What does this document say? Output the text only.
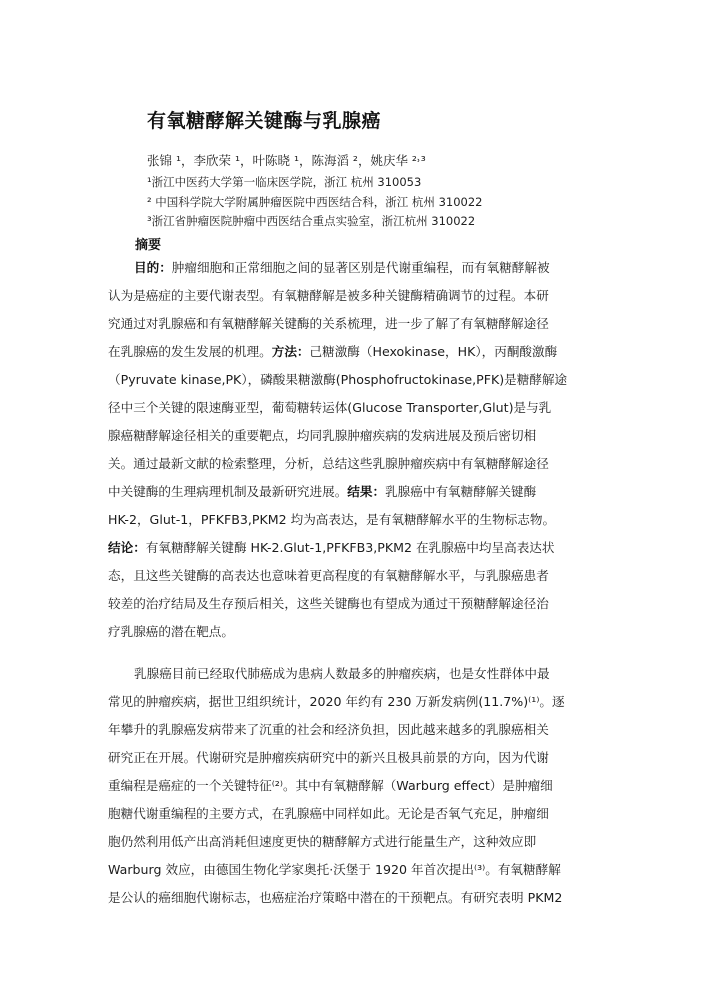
有氧糖酵解关键酶与乳腺癌
张锦 ¹，李欣荣 ¹，叶陈晓 ¹，陈海滔 ²，姚庆华 ²˒³
¹浙江中医药大学第一临床医学院，浙江 杭州 310053
² 中国科学院大学附属肿瘤医院中西医结合科，浙江 杭州 310022
³浙江省肿瘤医院肿瘤中西医结合重点实验室，浙江杭州 310022
摘要
目的：肿瘤细胞和正常细胞之间的显著区别是代谢重编程，而有氧糖酵解被
认为是癌症的主要代谢表型。有氧糖酵解是被多种关键酶精确调节的过程。本研
究通过对乳腺癌和有氧糖酵解关键酶的关系梳理，进一步了解了有氧糖酵解途径
在乳腺癌的发生发展的机理。方法：己糖激酶（Hexokinase，HK），丙酮酸激酶
（Pyruvate kinase,PK），磷酸果糖激酶(Phosphofructokinase,PFK)是糖酵解途
径中三个关键的限速酶亚型，葡萄糖转运体(Glucose Transporter,Glut)是与乳
腺癌糖酵解途径相关的重要靶点，均同乳腺肿瘤疾病的发病进展及预后密切相
关。通过最新文献的检索整理，分析，总结这些乳腺肿瘤疾病中有氧糖酵解途径
中关键酶的生理病理机制及最新研究进展。结果：乳腺癌中有氧糖酵解关键酶
HK-2，Glut-1，PFKFB3,PKM2 均为高表达，是有氧糖酵解水平的生物标志物。
结论：有氧糖酵解关键酶 HK-2.Glut-1,PFKFB3,PKM2 在乳腺癌中均呈高表达状
态，且这些关键酶的高表达也意味着更高程度的有氧糖酵解水平，与乳腺癌患者
较差的治疗结局及生存预后相关，这些关键酶也有望成为通过干预糖酵解途径治
疗乳腺癌的潜在靶点。
乳腺癌目前已经取代肺癌成为患病人数最多的肿瘤疾病，也是女性群体中最
常见的肿瘤疾病，据世卫组织统计，2020 年约有 230 万新发病例(11.7%)⁽¹⁾。逐
年攀升的乳腺癌发病带来了沉重的社会和经济负担，因此越来越多的乳腺癌相关
研究正在开展。代谢研究是肿瘤疾病研究中的新兴且极具前景的方向，因为代谢
重编程是癌症的一个关键特征⁽²⁾。其中有氧糖酵解（Warburg effect）是肿瘤细
胞糖代谢重编程的主要方式，在乳腺癌中同样如此。无论是否氧气充足，肿瘤细
胞仍然利用低产出高消耗但速度更快的糖酵解方式进行能量生产，这种效应即
Warburg 效应，由德国生物化学家奥托·沃堡于 1920 年首次提出⁽³⁾。有氧糖酵解
是公认的癌细胞代谢标志，也癌症治疗策略中潜在的干预靶点。有研究表明 PKM2
